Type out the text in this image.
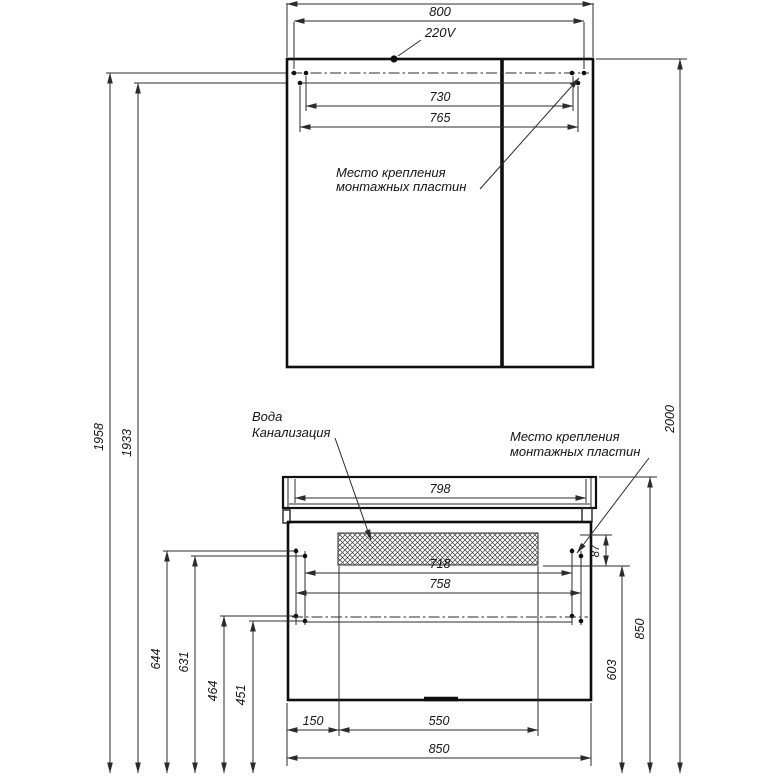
800
220V
730
765
Место крепления
монтажных пластин
798
Вода
Канализация	Место крепления
монтажных пластин
718
758
87
150	550
850
1958 1933
644 631
464 451
603
850
2000
